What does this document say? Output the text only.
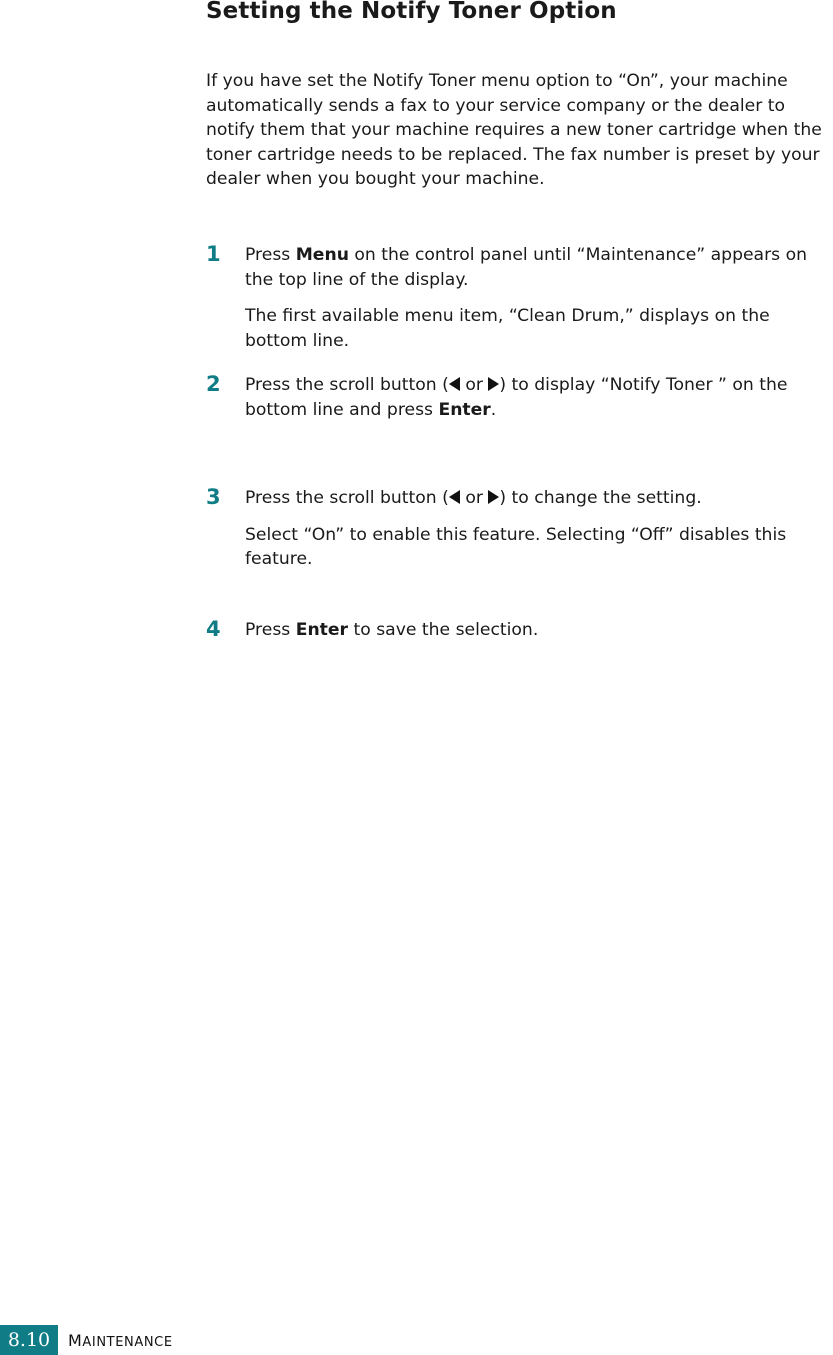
Setting the Notify Toner Option

If you have set the Notify Toner menu option to “On”, your machine automatically sends a fax to your service company or the dealer to notify them that your machine requires a new toner cartridge when the toner cartridge needs to be replaced. The fax number is preset by your dealer when you bought your machine.

1 Press Menu on the control panel until “Maintenance” appears on the top line of the display.

The first available menu item, “Clean Drum,” displays on the bottom line.

2 Press the scroll button ( or ) to display “Notify Toner ” on the bottom line and press Enter.

3 Press the scroll button ( or ) to change the setting.

Select “On” to enable this feature. Selecting “Off” disables this feature.

4 Press Enter to save the selection.

8.10	MAINTENANCE
